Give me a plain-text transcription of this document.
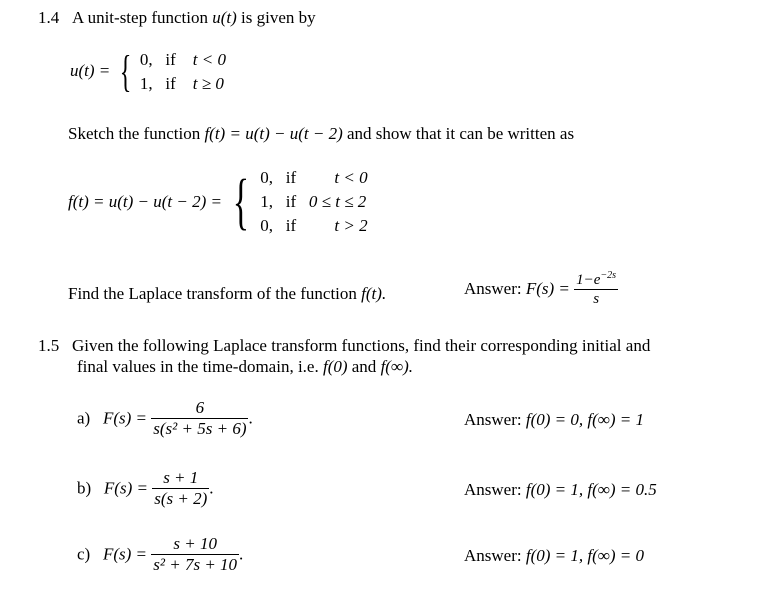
1.4 A unit-step function u(t) is given by
u(t) = { 0, if t < 0
1, if t ≥ 0
Sketch the function f(t) = u(t) − u(t − 2) and show that it can be written as
f(t) = u(t) − u(t − 2) = { 0, if t < 0
1, if 0 ≤ t ≤ 2
0, if t > 2
Find the Laplace transform of the function f(t).	Answer: $F(s) = \frac{1-e^{-2s}}{s}$
1.5 Given the following Laplace transform functions, find their corresponding initial and
final values in the time-domain, i.e. f(0) and f(∞).
a) $F(s) = \frac{6}{\text{s(s² + 5s + 6)}}$ .	Answer: f(0) = 0, f(∞) = 1
b) $F(s) = \frac{s + 1}{s(s + 2)}$ .	Answer: f(0) = 1, f(∞) = 0.5
c) $F(s) = \frac{s + 10}{\text{s² + 7s + 10}}$ .	Answer: f(0) = 1, f(∞) = 0
